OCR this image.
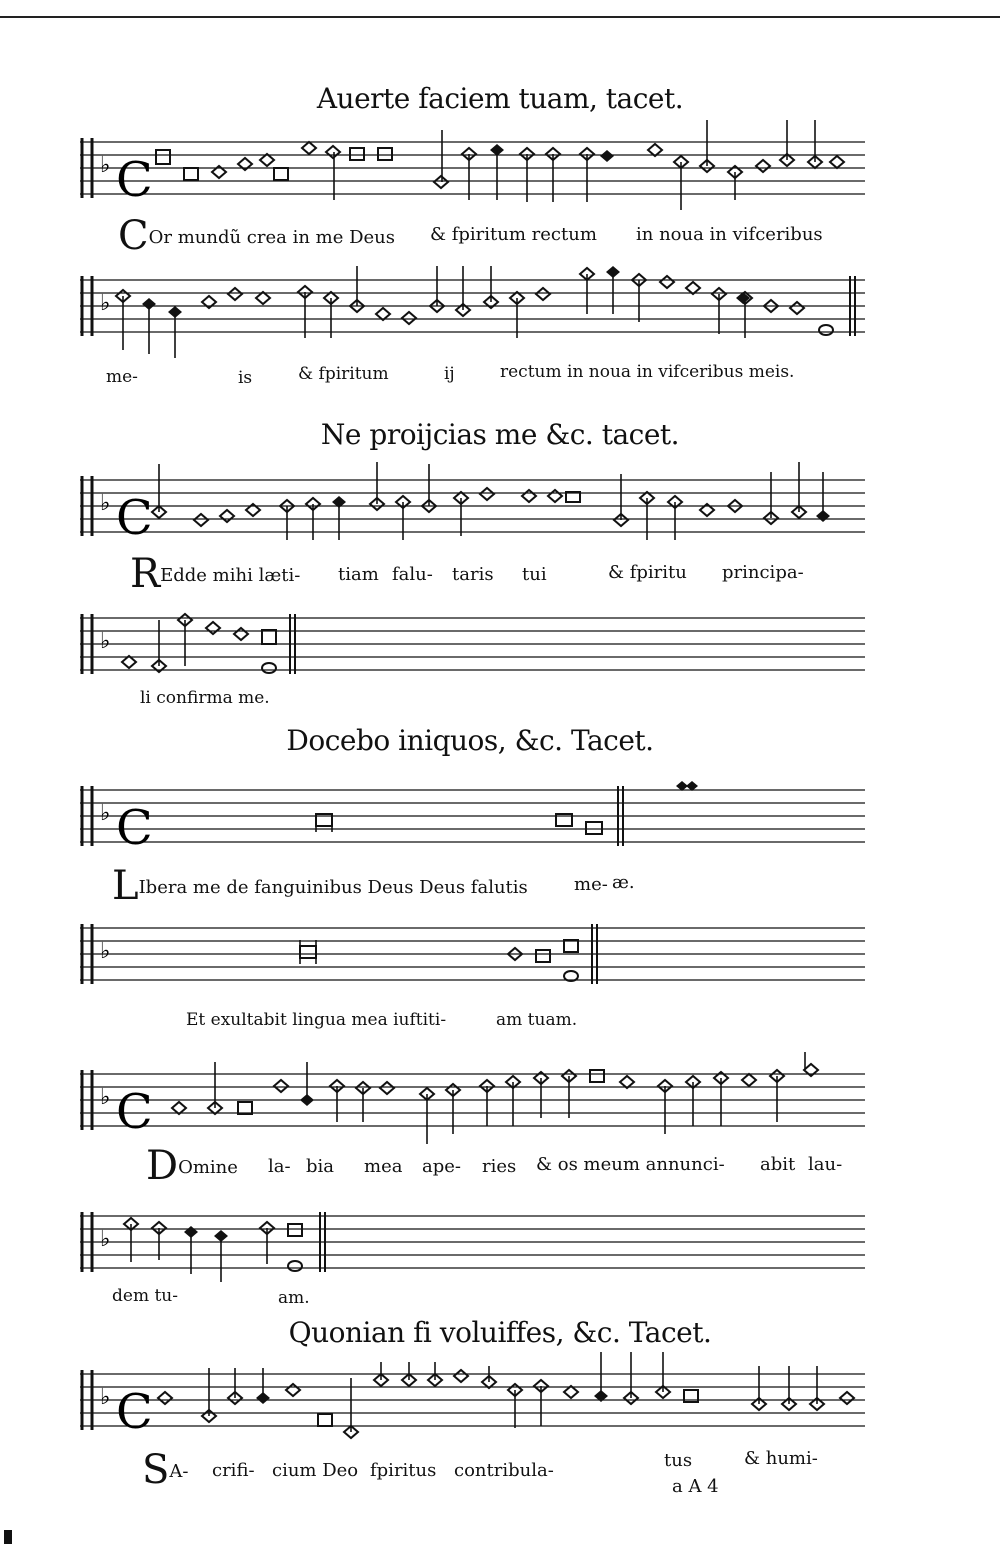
Auerte faciem tuam, tacet.
♭ C
COr mundũ crea in me Deus & fpiritum rectum in noua in vifceribus
♭
me-	is	& fpiritum	ij	rectum in noua in vifceribus meis.
Ne proijcias me &c. tacet.
♭ C
REdde mihi læti- tiam falu- taris tui	& fpiritu principa-
♭
li confirma me.
Docebo iniquos, &c. Tacet.
♭ C
LIbera me de fanguinibus Deus Deus falutis	me- æ.
♭
Et exultabit lingua mea iuftiti-	am tuam.
♭ C
DOmine la- bia mea ape- ries & os meum annunci- abit lau-
♭
dem tu-	am.
Quonian fi voluiffes, &c. Tacet.
♭ C
SA- crifi- cium Deo fpiritus contribula-	tus	& humi-
a A 4
